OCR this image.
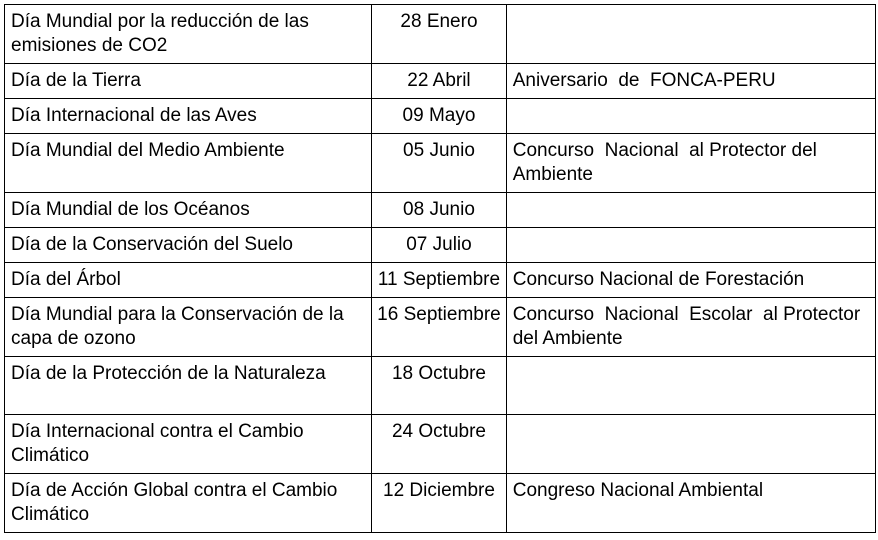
Día Mundial por la reducción de las emisiones de CO2	28 Enero	
Día de la Tierra	22 Abril	Aniversario  de  FONCA-PERU
Día Internacional de las Aves	09 Mayo	
Día Mundial del Medio Ambiente	05 Junio	Concurso  Nacional  al Protector del Ambiente
Día Mundial de los Océanos	08 Junio	
Día de la Conservación del Suelo	07 Julio	
Día del Árbol	11 Septiembre	Concurso Nacional de Forestación
Día Mundial para la Conservación de la capa de ozono	16 Septiembre	Concurso  Nacional  Escolar  al Protector del Ambiente
Día de la Protección de la Naturaleza	18 Octubre	
Día Internacional contra el Cambio Climático	24 Octubre	
Día de Acción Global contra el Cambio Climático	12 Diciembre	Congreso Nacional Ambiental
